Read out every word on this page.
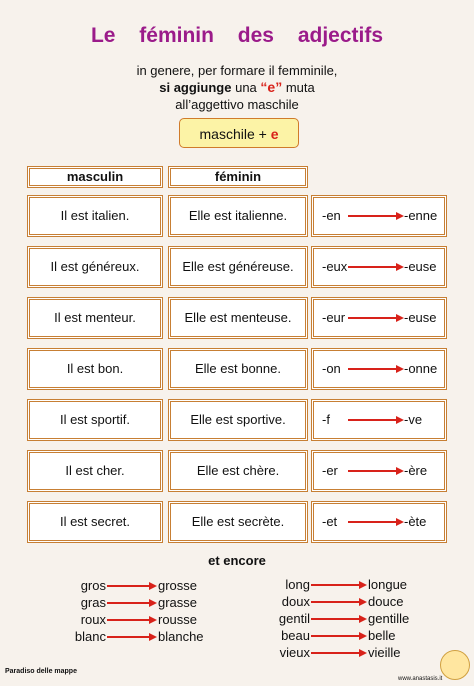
Le féminin des adjectifs
in genere, per formare il femminile,
si aggiunge una “e” muta
all’aggettivo maschile
maschile + e
masculin	féminin
Il est italien.	Elle est italienne.	-en	-enne
Il est généreux.	Elle est généreuse.	-eux	-euse
Il est menteur.	Elle est menteuse.	-eur	-euse
Il est bon.	Elle est bonne.	-on	-onne
Il est sportif.	Elle est sportive.	-f	-ve
Il est cher.	Elle est chère.	-er	-ère
Il est secret.	Elle est secrète.	-et	-ète
et encore
gros	grosse
gras	grasse
roux	rousse
blanc	blanche
long	longue
doux	douce
gentil	gentille
beau	belle
vieux	vieille
Paradiso delle mappe
www.anastasis.it
